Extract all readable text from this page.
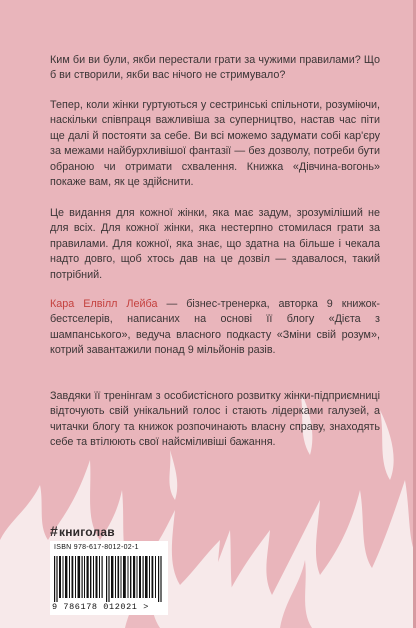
Ким би ви були, якби перестали грати за чужими правилами? Що б ви створили, якби вас нічого не стримувало?

Тепер, коли жінки гуртуються у сестринські спільноти, розуміючи, наскільки співпраця важливіша за суперництво, настав час піти ще далі й постояти за себе. Ви всі можемо задумати собі кар'єру за межами найбурхливішої фантазії — без дозволу, потреби бути обраною чи отримати схвалення. Книжка «Дівчина-вогонь» покаже вам, як це здійснити.

Це видання для кожної жінки, яка має задум, зрозуміліший не для всіх. Для кожної жінки, яка нестерпно стомилася грати за правилами. Для кожної, яка знає, що здатна на більше і чекала надто довго, щоб хтось дав на це дозвіл — здавалося, такий потрібний.

Кара Елвілл Лейба — бізнес-тренерка, авторка 9 книжок-бестселерів, написаних на основі її блогу «Дієта з шампанського», ведуча власного подкасту «Зміни свій розум», котрий завантажили понад 9 мільйонів разів.

Завдяки її тренінгам з особистісного розвитку жінки-підприємниці відточують свій унікальний голос і стають лідерками галузей, а читачки блогу та книжок розпочинають власну справу, знаходять себе та втілюють свої найсміливіші бажання.

#книголав
ISBN 978-617-8012-02-1
9 786178 012021 >
